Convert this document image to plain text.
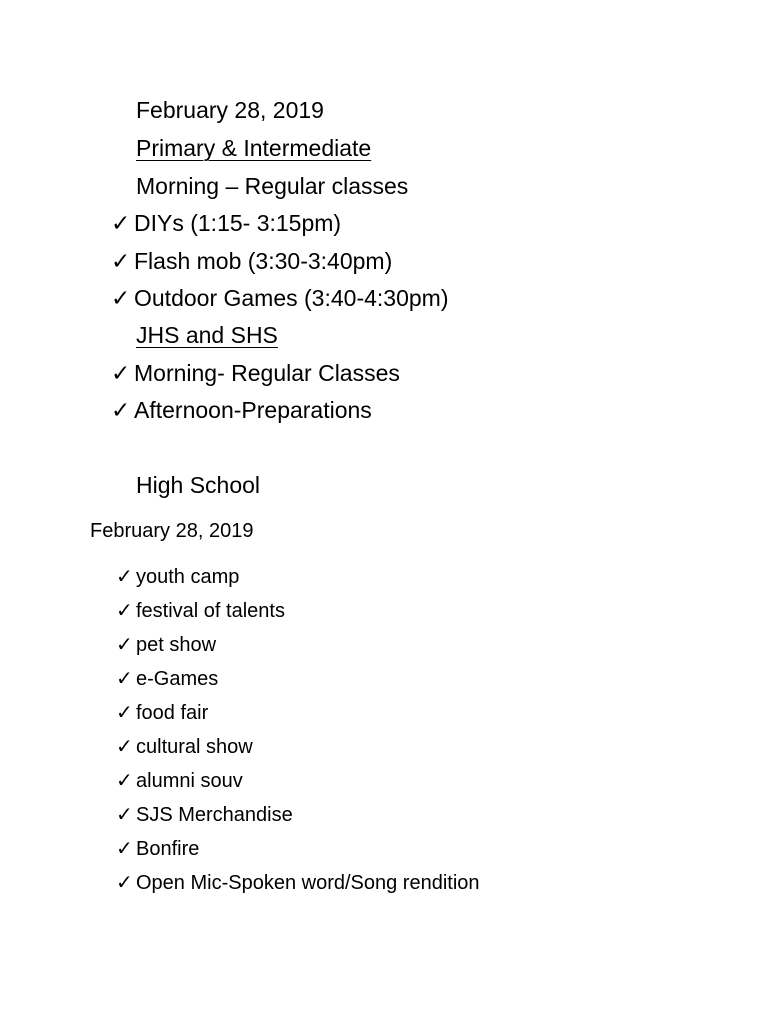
February 28, 2019
Primary & Intermediate
Morning – Regular classes
✓ DIYs (1:15- 3:15pm)
✓ Flash mob (3:30-3:40pm)
✓ Outdoor Games (3:40-4:30pm)
JHS and SHS
✓ Morning- Regular Classes
✓ Afternoon-Preparations
High School
February 28, 2019
✓ youth camp
✓ festival of talents
✓ pet show
✓ e-Games
✓ food fair
✓ cultural show
✓ alumni souv
✓ SJS Merchandise
✓ Bonfire
✓ Open Mic-Spoken word/Song rendition
